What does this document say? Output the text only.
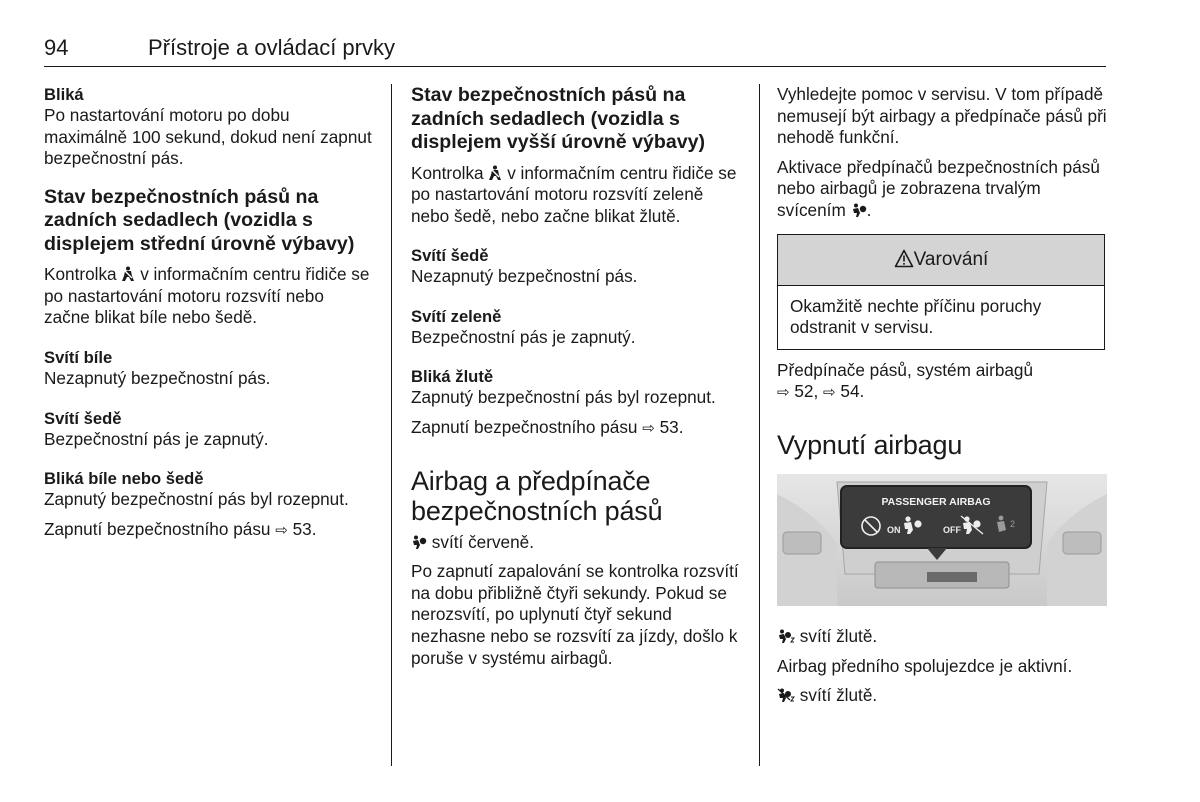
94	Přístroje a ovládací prvky

Bliká

Po nastartování motoru po dobu maximálně 100 sekund, dokud není zapnut bezpečnostní pás.

Stav bezpečnostních pásů na zadních sedadlech (vozidla s displejem střední úrovně výbavy)

Kontrolka v informačním centru řidiče se po nastartování motoru rozsvítí nebo začne blikat bíle nebo šedě.

Svítí bíle

Nezapnutý bezpečnostní pás.

Svítí šedě

Bezpečnostní pás je zapnutý.

Bliká bíle nebo šedě

Zapnutý bezpečnostní pás byl rozepnut.

Zapnutí bezpečnostního pásu ⇨ 53.

Stav bezpečnostních pásů na zadních sedadlech (vozidla s displejem vyšší úrovně výbavy)

Kontrolka v informačním centru řidiče se po nastartování motoru rozsvítí zeleně nebo šedě, nebo začne blikat žlutě.

Svítí šedě

Nezapnutý bezpečnostní pás.

Svítí zeleně

Bezpečnostní pás je zapnutý.

Bliká žlutě

Zapnutý bezpečnostní pás byl rozepnut.

Zapnutí bezpečnostního pásu ⇨ 53.

Airbag a předpínače bezpečnostních pásů

svítí červeně.

Po zapnutí zapalování se kontrolka rozsvítí na dobu přibližně čtyři sekundy. Pokud se nerozsvítí, po uplynutí čtyř sekund nezhasne nebo se rozsvítí za jízdy, došlo k poruše v systému airbagů.

Vyhledejte pomoc v servisu. V tom případě nemusejí být airbagy a předpínače pásů při nehodě funkční.

Aktivace předpínačů bezpečnostních pásů nebo airbagů je zobrazena trvalým svícením .

Varování

Okamžitě nechte příčinu poruchy odstranit v servisu.

Předpínače pásů, systém airbagů
⇨ 52, ⇨ 54.

Vypnutí airbagu
PASSENGER AIRBAG
ON	OFF
2

svítí žlutě.

Airbag předního spolujezdce je aktivní.

svítí žlutě.
